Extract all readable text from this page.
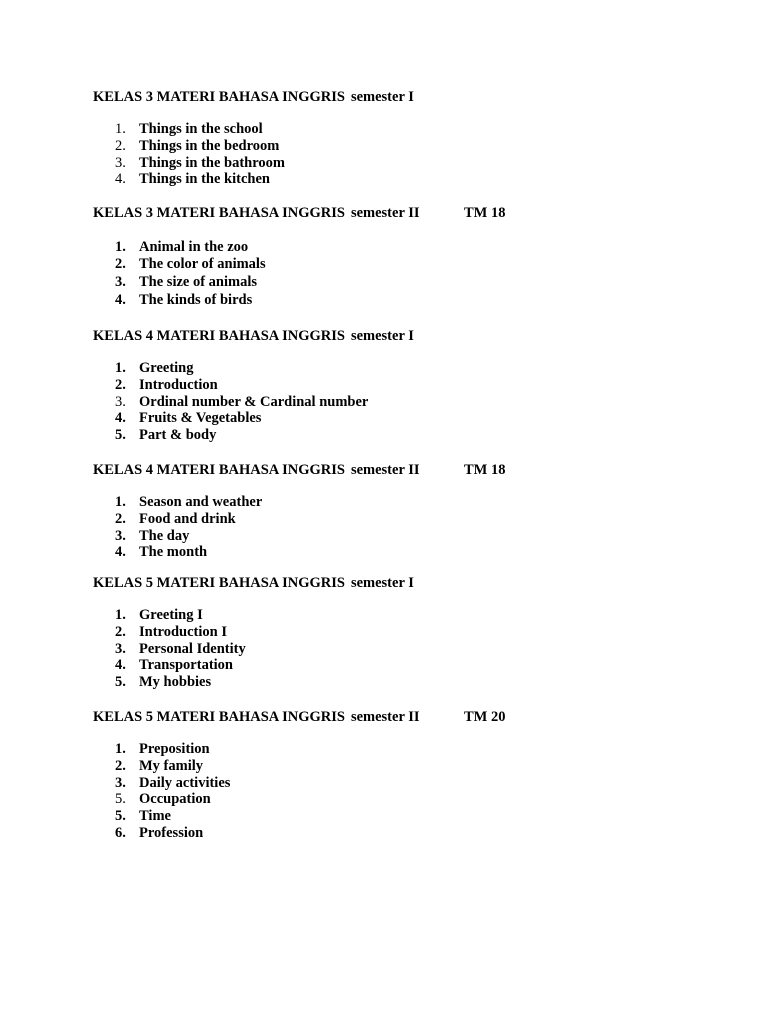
KELAS 3 MATERI BAHASA INGGRIS semester I
1. Things in the school
2. Things in the bedroom
3. Things in the bathroom
4. Things in the kitchen
KELAS 3 MATERI BAHASA INGGRIS semester II	TM 18
1. Animal in the zoo
2. The color of animals
3. The size of animals
4. The kinds of birds
KELAS 4 MATERI BAHASA INGGRIS semester I
1. Greeting
2. Introduction
3. Ordinal number & Cardinal number
4. Fruits & Vegetables
5. Part & body
KELAS 4 MATERI BAHASA INGGRIS semester II	TM 18
1. Season and weather
2. Food and drink
3. The day
4. The month
KELAS 5 MATERI BAHASA INGGRIS semester I
1. Greeting I
2. Introduction I
3. Personal Identity
4. Transportation
5. My hobbies
KELAS 5 MATERI BAHASA INGGRIS semester II	TM 20
1. Preposition
2. My family
3. Daily activities
5. Occupation
5. Time
6. Profession
